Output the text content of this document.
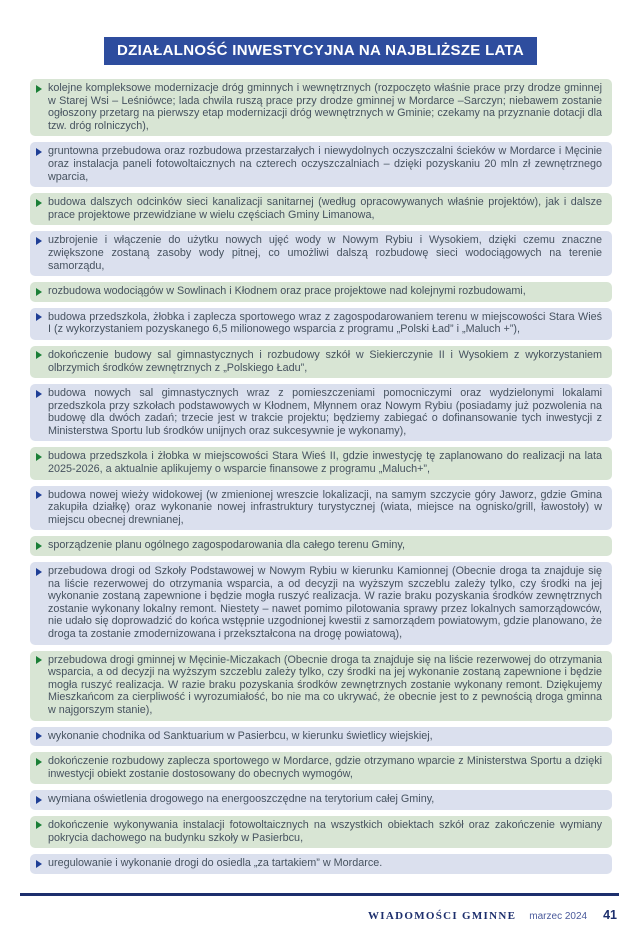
DZIAŁALNOŚĆ INWESTYCYJNA NA NAJBLIŻSZE LATA
kolejne kompleksowe modernizacje dróg gminnych i wewnętrznych (rozpoczęto właśnie prace przy drodze gminnej w Starej Wsi – Leśniówce; lada chwila ruszą prace przy drodze gminnej w Mordarce –Sarczyn; niebawem zostanie ogłoszony przetarg na pierwszy etap modernizacji dróg wewnętrznych w Gminie; czekamy na przyznanie dotacji dla tzw. dróg rolniczych),
gruntowna przebudowa oraz rozbudowa przestarzałych i niewydolnych oczyszczalni ścieków w Mordarce i Męcinie oraz instalacja paneli fotowoltaicznych na czterech oczyszczalniach – dzięki pozyskaniu 20 mln zł zewnętrznego wparcia,
budowa dalszych odcinków sieci kanalizacji sanitarnej (według opracowywanych właśnie projektów), jak i dalsze prace projektowe przewidziane w wielu częściach Gminy Limanowa,
uzbrojenie i włączenie do użytku nowych ujęć wody w Nowym Rybiu i Wysokiem, dzięki czemu znaczne zwiększone zostaną zasoby wody pitnej, co umożliwi dalszą rozbudowę sieci wodociągowych na terenie samorządu,
rozbudowa wodociągów w Sowlinach i Kłodnem oraz prace projektowe nad kolejnymi rozbudowami,
budowa przedszkola, żłobka i zaplecza sportowego wraz z zagospodarowaniem terenu w miejscowości Stara Wieś I (z wykorzystaniem pozyskanego 6,5 milionowego wsparcia z programu „Polski Ład” i „Maluch +”),
dokończenie budowy sal gimnastycznych i rozbudowy szkół w Siekierczynie II i Wysokiem z wykorzystaniem olbrzymich środków zewnętrznych z „Polskiego Ładu”,
budowa nowych sal gimnastycznych wraz z pomieszczeniami pomocniczymi oraz wydzielonymi lokalami przedszkola przy szkołach podstawowych w Kłodnem, Młynnem oraz Nowym Rybiu (posiadamy już pozwolenia na budowę dla dwóch zadań; trzecie jest w trakcie projektu; będziemy zabiegać o dofinansowanie tych inwestycji z Ministerstwa Sportu lub środków unijnych oraz sukcesywnie je wykonamy),
budowa przedszkola i żłobka w miejscowości Stara Wieś II, gdzie inwestycję tę zaplanowano do realizacji na lata 2025-2026, a aktualnie aplikujemy o wsparcie finansowe z programu „Maluch+”,
budowa nowej wieży widokowej (w zmienionej wreszcie lokalizacji, na samym szczycie góry Jaworz, gdzie Gmina zakupiła działkę) oraz wykonanie nowej infrastruktury turystycznej (wiata, miejsce na ognisko/grill, ławostoły) w miejscu obecnej drewnianej,
sporządzenie planu ogólnego zagospodarowania dla całego terenu Gminy,
przebudowa drogi od Szkoły Podstawowej w Nowym Rybiu w kierunku Kamionnej (Obecnie droga ta znajduje się na liście rezerwowej do otrzymania wsparcia, a od decyzji na wyższym szczeblu zależy tylko, czy środki na jej wykonanie zostaną zapewnione i będzie mogła ruszyć realizacja. W razie braku pozyskania środków zewnętrznych zostanie wykonany lokalny remont. Niestety – nawet pomimo pilotowania sprawy przez lokalnych samorządowców, nie udało się doprowadzić do końca wstępnie uzgodnionej kwestii z samorządem powiatowym, gdzie planowano, że droga ta zostanie zmodernizowana i przekształcona na drogę powiatową),
przebudowa drogi gminnej w Męcinie-Miczakach (Obecnie droga ta znajduje się na liście rezerwowej do otrzymania wsparcia, a od decyzji na wyższym szczeblu zależy tylko, czy środki na jej wykonanie zostaną zapewnione i będzie mogła ruszyć realizacja. W razie braku pozyskania środków zewnętrznych zostanie wykonany remont. Dziękujemy Mieszkańcom za cierpliwość i wyrozumiałość, bo nie ma co ukrywać, że obecnie jest to z pewnością droga gminna w najgorszym stanie),
wykonanie chodnika od Sanktuarium w Pasierbcu, w kierunku świetlicy wiejskiej,
dokończenie rozbudowy zaplecza sportowego w Mordarce, gdzie otrzymano wparcie z Ministerstwa Sportu a dzięki inwestycji obiekt zostanie dostosowany do obecnych wymogów,
wymiana oświetlenia drogowego na energooszczędne na terytorium całej Gminy,
dokończenie wykonywania instalacji fotowoltaicznych na wszystkich obiektach szkół oraz zakończenie wymiany pokrycia dachowego na budynku szkoły w Pasierbcu,
uregulowanie i wykonanie drogi do osiedla „za tartakiem” w Mordarce.
WIADOMOŚCI GMINNE marzec 2024 41
